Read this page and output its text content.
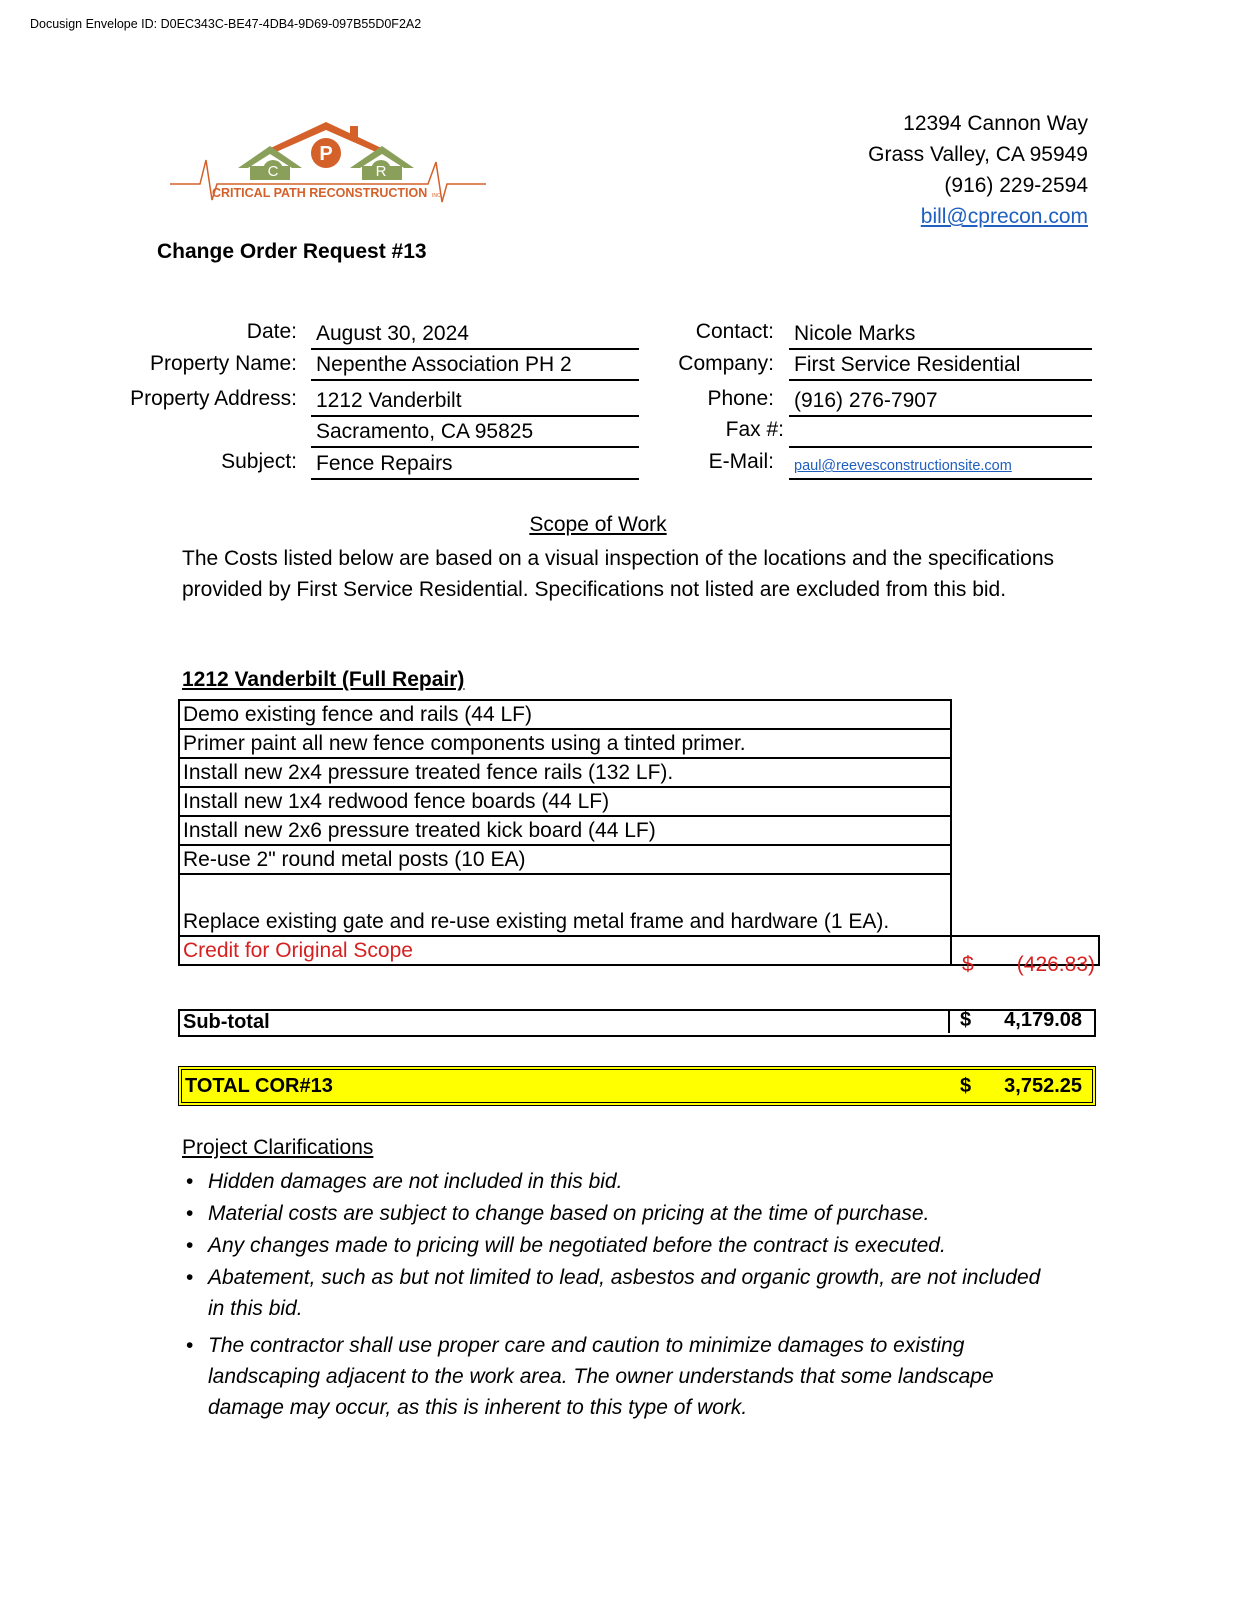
Docusign Envelope ID: D0EC343C-BE47-4DB4-9D69-097B55D0F2A2
P
C	R
CRITICAL PATH RECONSTRUCTION INC.
12394 Cannon Way
Grass Valley, CA 95949
(916) 229-2594
bill@cprecon.com
Change Order Request #13
Date: August 30, 2024
Property Name: Nepenthe Association PH 2
Property Address: 1212 Vanderbilt
Sacramento, CA 95825
Subject: Fence Repairs
Contact: Nicole Marks
Company: First Service Residential
Phone: (916) 276-7907
Fax #:
E-Mail:	paul@reevesconstructionsite.com
Scope of Work
The Costs listed below are based on a visual inspection of the locations and the specifications provided by First Service Residential. Specifications not listed are excluded from this bid.
1212 Vanderbilt (Full Repair)
Demo existing fence and rails (44 LF)	
Primer paint all new fence components using a tinted primer.	
Install new 2x4 pressure treated fence rails (132 LF).	
Install new 1x4 redwood fence boards (44 LF)	
Install new 2x6 pressure treated kick board (44 LF)	
Re-use 2" round metal posts (10 EA)	
Replace existing gate and re-use existing metal frame and hardware (1 EA).	
Credit for Original Scope	$ (426.83)
Sub-total	$ 4,179.08
TOTAL COR#13	$ 3,752.25
Project Clarifications
• Hidden damages are not included in this bid.
• Material costs are subject to change based on pricing at the time of purchase.
• Any changes made to pricing will be negotiated before the contract is executed.
• Abatement, such as but not limited to lead, asbestos and organic growth, are not included in this bid.
• The contractor shall use proper care and caution to minimize damages to existing landscaping adjacent to the work area. The owner understands that some landscape damage may occur, as this is inherent to this type of work.
